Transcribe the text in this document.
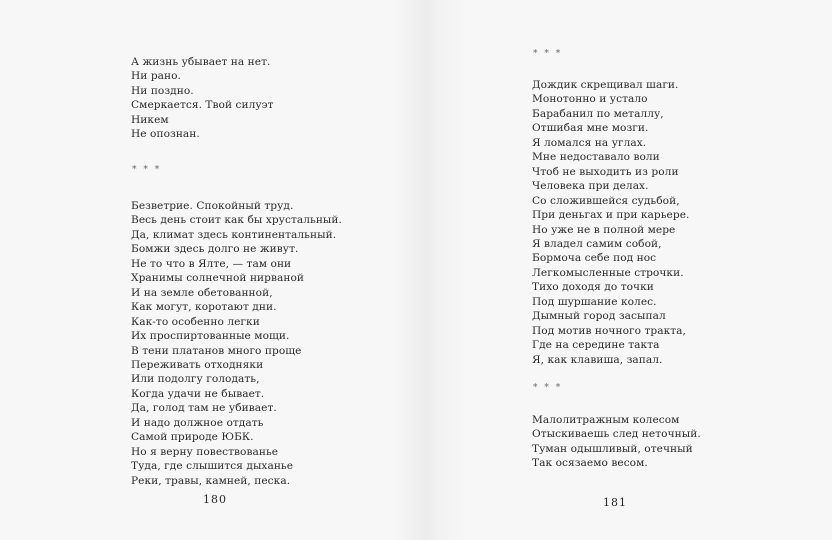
А жизнь убывает на нет.
Ни рано.
Ни поздно.
Смеркается. Твой силуэт
Никем
Не опознан.
* * *
Безветрие. Спокойный труд.
Весь день стоит как бы хрустальный.
Да, климат здесь континентальный.
Бомжи здесь долго не живут.
Не то что в Ялте, — там они
Хранимы солнечной нирваной
И на земле обетованной,
Как могут, коротают дни.
Как-то особенно легки
Их проспиртованные мощи.
В тени платанов много проще
Переживать отходняки
Или подолгу голодать,
Когда удачи не бывает.
Да, голод там не убивает.
И надо должное отдать
Самой природе ЮБК.
Но я верну повествованье
Туда, где слышится дыханье
Реки, травы, камней, песка.
180
* * *
Дождик скрещивал шаги.
Монотонно и устало
Барабанил по металлу,
Отшибая мне мозги.
Я ломался на углах.
Мне недоставало воли
Чтоб не выходить из роли
Человека при делах.
Со сложившейся судьбой,
При деньгах и при карьере.
Но уже не в полной мере
Я владел самим собой,
Бормоча себе под нос
Легкомысленные строчки.
Тихо доходя до точки
Под шуршание колес.
Дымный город засыпал
Под мотив ночного тракта,
Где на середине такта
Я, как клавиша, запал.
* * *
Малолитражным колесом
Отыскиваешь след неточный.
Туман одышливый, отечный
Так осязаемо весом.
181
